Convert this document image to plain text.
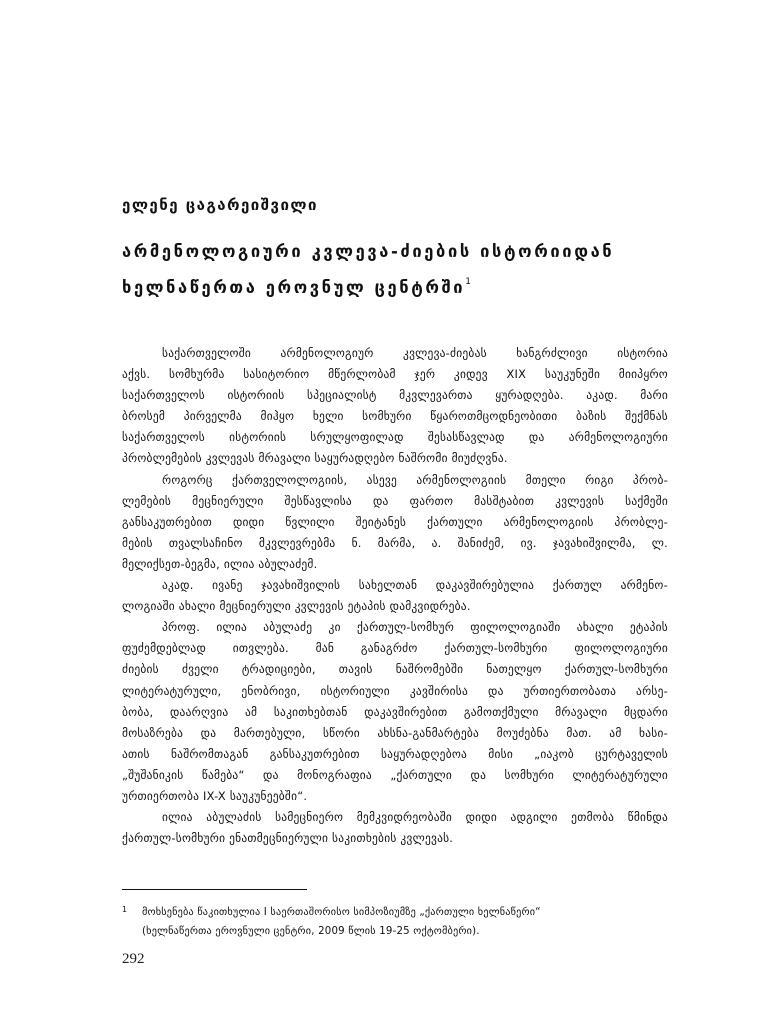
ელენე ცაგარეიშვილი
არმენოლოგიური კვლევა-ძიების ისტორიიდან
ხელნაწერთა ეროვნულ ცენტრში$^1$

საქართველოში არმენოლოგიურ კვლევა-ძიებას ხანგრძლივი ისტორია
აქვს. სომხურმა სასიტორიო მწერლობამ ჯერ კიდევ XIX საუკუნეში მიიპყრო
საქართველოს ისტორიის სპეციალისტ მკვლევართა ყურადღება. აკად. მარი
ბროსემ პირველმა მიჰყო ხელი სომხური წყაროთმცოდნეობითი ბაზის შექმნას
საქართველოს ისტორიის სრულყოფილად შესასწავლად და არმენოლოგიური
პრობლემების კვლევას მრავალი საყურადღებო ნაშრომი მიუძღვნა.

როგორც ქართველოლოგიის, ასევე არმენოლოგიის მთელი რიგი პრობ-
ლემების მეცნიერული შესწავლისა და ფართო მასშტაბით კვლევის საქმეში
განსაკუთრებით დიდი წვლილი შეიტანეს ქართული არმენოლოგიის პრობლე-
მების თვალსაჩინო მკვლევრებმა ნ. მარმა, ა. შანიძემ, ივ. ჯავახიშვილმა, ლ.
მელიქსეთ-ბეგმა, ილია აბულაძემ.

აკად. ივანე ჯავახიშვილის სახელთან დაკავშირებულია ქართულ არმენო-
ლოგიაში ახალი მეცნიერული კვლევის ეტაპის დამკვიდრება.

პროფ. ილია აბულაძე კი ქართულ-სომხურ ფილოლოგიაში ახალი ეტაპის
ფუძემდებლად ითვლება. მან განაგრძო ქართულ-სომხური ფილოლოგიური
ძიების ძველი ტრადიციები, თავის ნაშრომებში ნათელყო ქართულ-სომხური
ლიტერატურული, ენობრივი, ისტორიული კავშირისა და ურთიერთობათა არსე-
ბობა, დაარღვია ამ საკითხებთან დაკავშირებით გამოთქმული მრავალი მცდარი
მოსაზრება და მართებული, სწორი ახსნა-განმარტება მოუძებნა მათ. ამ ხასი-
ათის ნაშრომთაგან განსაკუთრებით საყურადღებოა მისი „იაკობ ცურტაველის
„შუშანიკის წამება“ და მონოგრაფია „ქართული და სომხური ლიტერატურული
ურთიერთობა IX-X საუკუნეებში“.

ილია აბულაძის სამეცნიერო მემკვიდრეობაში დიდი ადგილი ეთმობა წმინდა
ქართულ-სომხური ენათმეცნიერული საკითხების კვლევას.

1 მოხსენება წაკითხულია I საერთაშორისო სიმპოზიუმზე „ქართული ხელნაწერი“
(ხელნაწერთა ეროვნული ცენტრი, 2009 წლის 19-25 ოქტომბერი).
292
